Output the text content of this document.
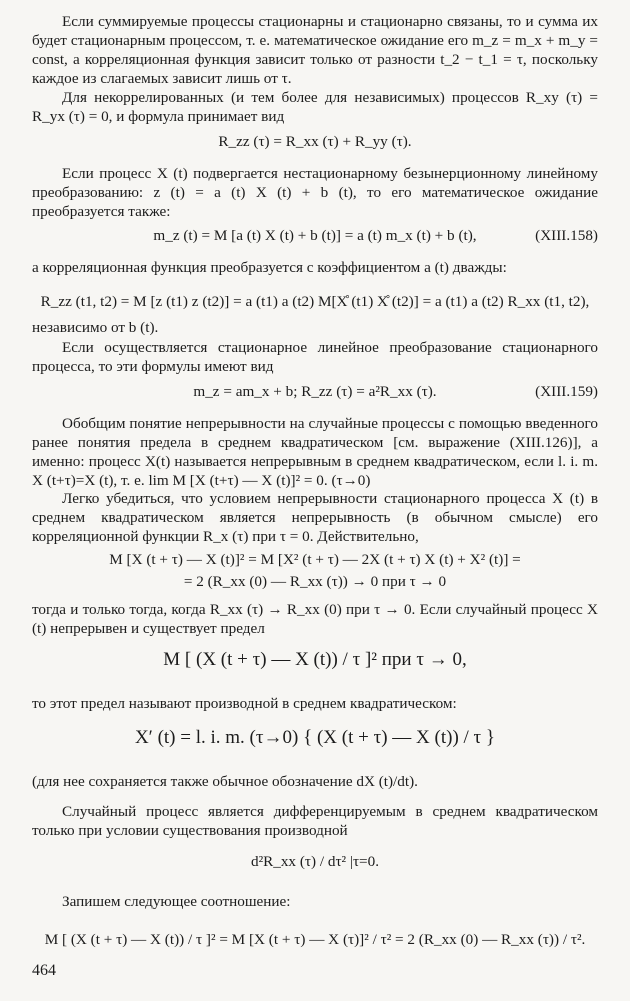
Если суммируемые процессы стационарны и стационарно связаны, то и сумма их будет стационарным процессом, т. е. математическое ожидание его m_z = m_x + m_y = const, а корреляционная функция зависит только от разности t_2 − t_1 = τ, поскольку каждое из слагаемых зависит лишь от τ.

Для некоррелированных (и тем более для независимых) процессов R_xy (τ) = R_yx (τ) = 0, и формула принимает вид

R_zz (τ) = R_xx (τ) + R_yy (τ).

Если процесс X (t) подвергается нестационарному безынерционному линейному преобразованию: z (t) = a (t) X (t) + b (t), то его математическое ожидание преобразуется также:

m_z (t) = M [a (t) X (t) + b (t)] = a (t) m_x (t) + b (t),	(XIII.158)

а корреляционная функция преобразуется с коэффициентом a (t) дважды:

R_zz (t1, t2) = M [z (t1) z (t2)] = a (t1) a (t2) M[X̊ (t1) X̊ (t2)] = a (t1) a (t2) R_xx (t1, t2),

независимо от b (t).

Если осуществляется стационарное линейное преобразование стационарного процесса, то эти формулы имеют вид

m_z = am_x + b; R_zz (τ) = a²R_xx (τ).	(XIII.159)

Обобщим понятие непрерывности на случайные процессы с помощью введенного ранее понятия предела в среднем квадратическом [см. выражение (XIII.126)], а именно: процесс X(t) называется непрерывным в среднем квадратическом, если l. i. m. X (t+τ)=X (t), т. е. lim M [X (t+τ) — X (t)]² = 0. (τ→0)

Легко убедиться, что условием непрерывности стационарного процесса X (t) в среднем квадратическом является непрерывность (в обычном смысле) его корреляционной функции R_x (τ) при τ = 0. Действительно,

M [X (t + τ) — X (t)]² = M [X² (t + τ) — 2X (t + τ) X (t) + X² (t)] =
= 2 (R_xx (0) — R_xx (τ)) → 0 при τ → 0

тогда и только тогда, когда R_xx (τ) → R_xx (0) при τ → 0. Если случайный процесс X (t) непрерывен и существует предел

M [ (X (t + τ) — X (t)) / τ ]² при τ → 0,

то этот предел называют производной в среднем квадратическом:

X′ (t) = l. i. m. (τ→0) { (X (t + τ) — X (t)) / τ }

(для нее сохраняется также обычное обозначение dX (t)/dt).

Случайный процесс является дифференцируемым в среднем квадратическом только при условии существования производной

d²R_xx (τ) / dτ² |τ=0.

Запишем следующее соотношение:

M [ (X (t + τ) — X (t)) / τ ]² = M [X (t + τ) — X (τ)]² / τ² = 2 (R_xx (0) — R_xx (τ)) / τ².
464
